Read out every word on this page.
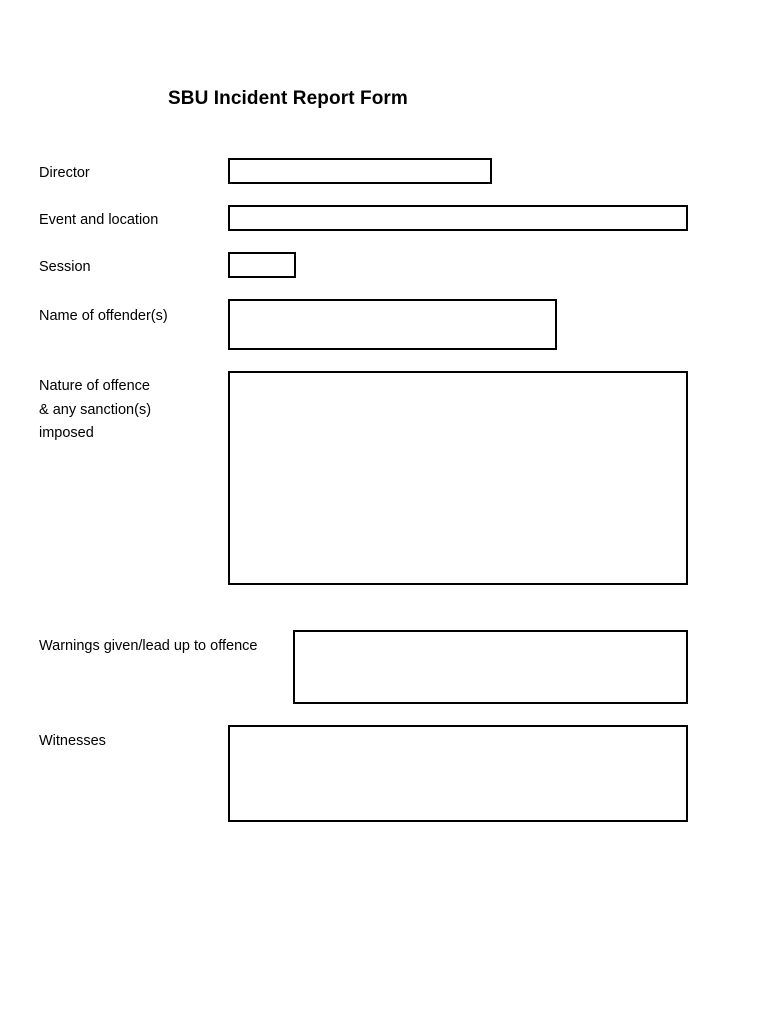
SBU Incident Report Form
Director
Event and location
Session
Name of offender(s)
Nature of offence
& any sanction(s)
imposed
Warnings given/lead up to offence
Witnesses
